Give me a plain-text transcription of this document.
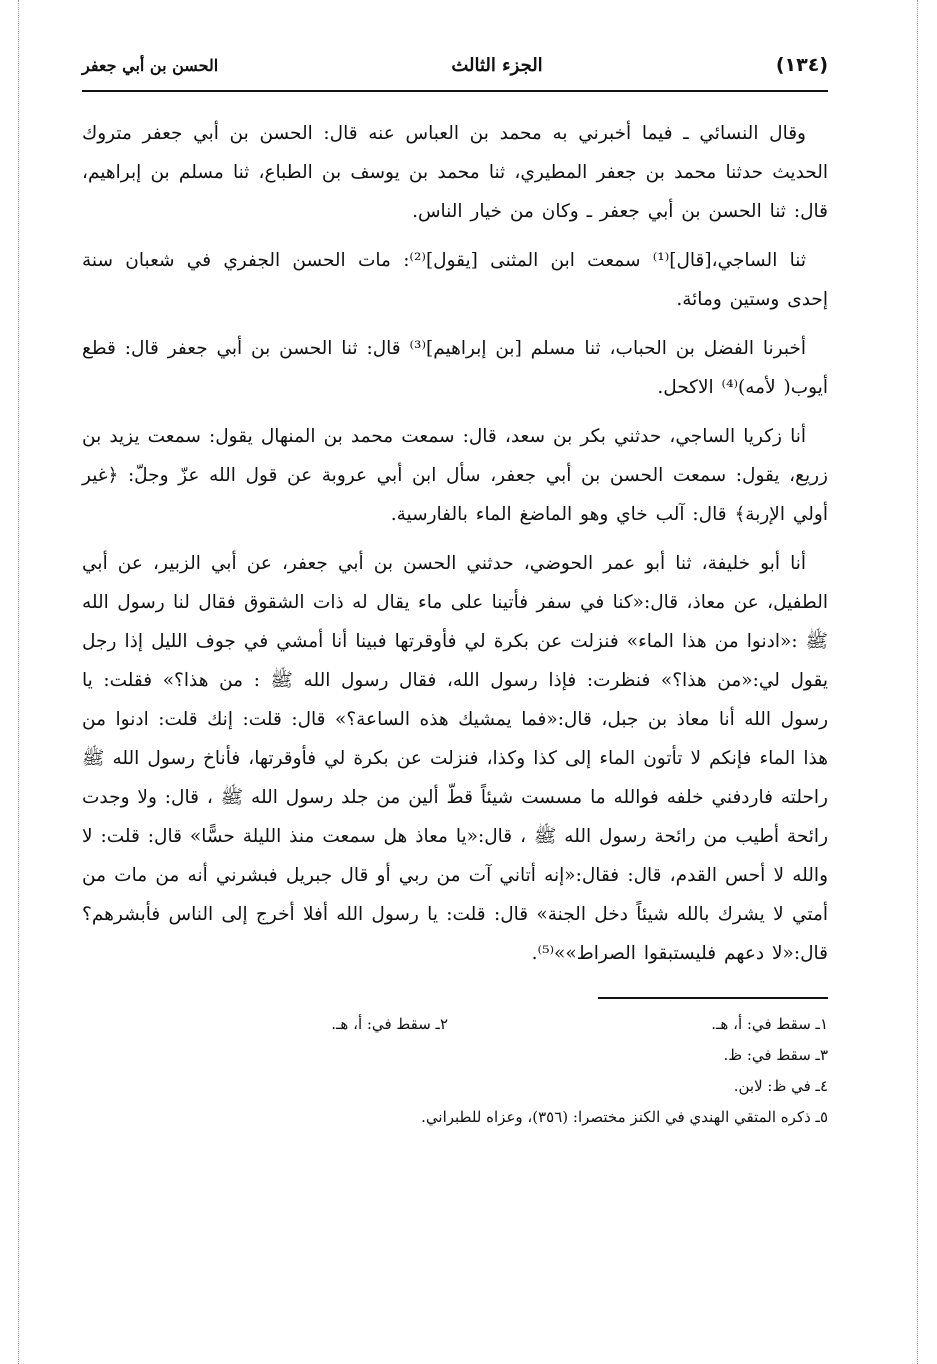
(١٣٤)
الجزء الثالث
الحسن بن أبي جعفر

وقال النسائي ـ فيما أخبرني به محمد بن العباس عنه قال: الحسن بن أبي جعفر متروك الحديث حدثنا محمد بن جعفر المطيري، ثنا محمد بن يوسف بن الطباع، ثنا مسلم بن إبراهيم، قال: ثنا الحسن بن أبي جعفر ـ وكان من خيار الناس.

ثنا الساجي،[قال]⁽¹⁾ سمعت ابن المثنى [يقول]⁽²⁾: مات الحسن الجفري في شعبان سنة إحدى وستين ومائة.

أخبرنا الفضل بن الحباب، ثنا مسلم [بن إبراهيم]⁽³⁾ قال: ثنا الحسن بن أبي جعفر قال: قطع أيوب( لأمه)⁽⁴⁾ الاكحل.

أنا زكريا الساجي، حدثني بكر بن سعد، قال: سمعت محمد بن المنهال يقول: سمعت يزيد بن زريع، يقول: سمعت الحسن بن أبي جعفر، سأل ابن أبي عروبة عن قول الله عزّ وجلّ: ﴿غير أولي الإربة﴾ قال: آلب خاي وهو الماضغ الماء بالفارسية.

أنا أبو خليفة، ثنا أبو عمر الحوضي، حدثني الحسن بن أبي جعفر، عن أبي الزبير، عن أبي الطفيل، عن معاذ، قال:«كنا في سفر فأتينا على ماء يقال له ذات الشقوق فقال لنا رسول الله ﷺ :«ادنوا من هذا الماء» فنزلت عن بكرة لي فأوقرتها فبينا أنا أمشي في جوف الليل إذا رجل يقول لي:«من هذا؟» فنظرت: فإذا رسول الله، فقال رسول الله ﷺ : من هذا؟» فقلت: يا رسول الله أنا معاذ بن جبل، قال:«فما يمشيك هذه الساعة؟» قال: قلت: إنك قلت: ادنوا من هذا الماء فإنكم لا تأتون الماء إلى كذا وكذا، فنزلت عن بكرة لي فأوقرتها، فأناخ رسول الله ﷺ راحلته فاردفني خلفه فوالله ما مسست شيئاً قطّ ألين من جلد رسول الله ﷺ ، قال: ولا وجدت رائحة أطيب من رائحة رسول الله ﷺ ، قال:«يا معاذ هل سمعت منذ الليلة حسًّا» قال: قلت: لا والله لا أحس القدم، قال: فقال:«إنه أتاني آت من ربي أو قال جبريل فبشرني أنه من مات من أمتي لا يشرك بالله شيئاً دخل الجنة» قال: قلت: يا رسول الله أفلا أخرج إلى الناس فأبشرهم؟ قال:«لا دعهم فليستبقوا الصراط»»⁽⁵⁾.

١ـ سقط في: أ، هـ.
٢ـ سقط في: أ، هـ.
٣ـ سقط في: ظ.
٤ـ في ظ: لابن.
٥ـ ذكره المتقي الهندي في الكنز مختصرا: (٣٥٦)، وعزاه للطبراني.
